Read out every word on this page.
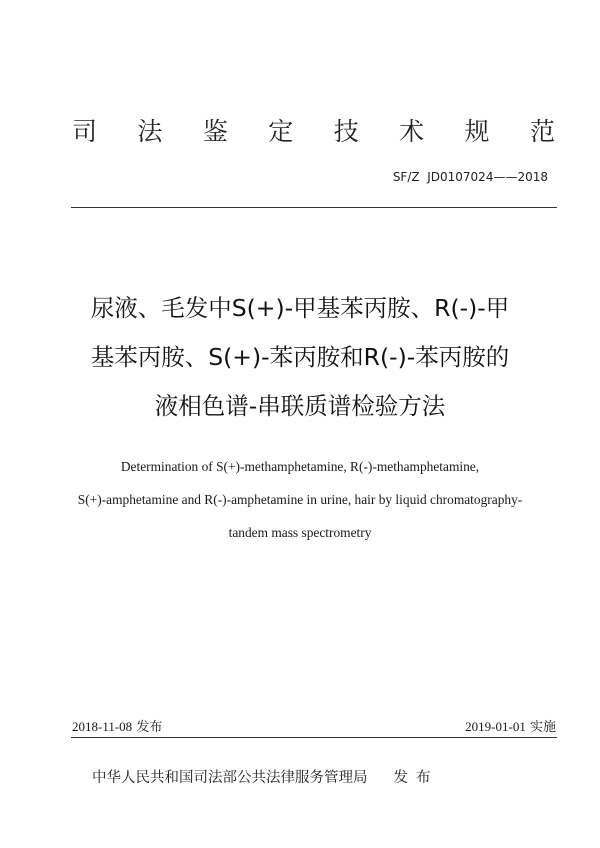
司 法 鉴 定 技 术 规 范
SF/Z  JD0107024——2018
尿液、毛发中S(+)-甲基苯丙胺、R(-)-甲
基苯丙胺、S(+)-苯丙胺和R(-)-苯丙胺的
液相色谱-串联质谱检验方法
Determination of S(+)-methamphetamine, R(-)-methamphetamine,
S(+)-amphetamine and R(-)-amphetamine in urine, hair by liquid chromatography-
tandem mass spectrometry
2018-11-08 发布	2019-01-01 实施
中华人民共和国司法部公共法律服务管理局 发布
